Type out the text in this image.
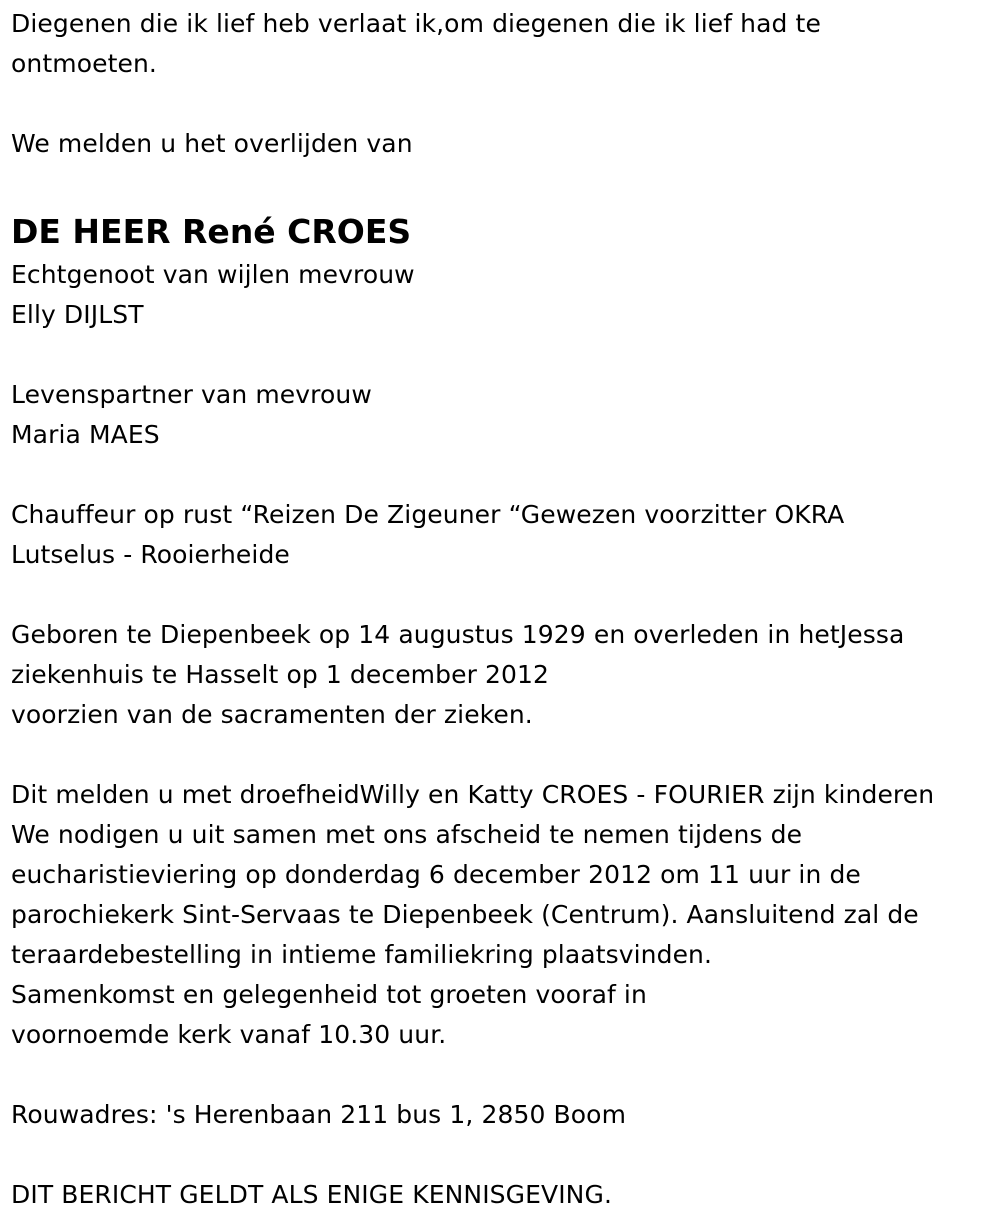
Diegenen die ik lief heb verlaat ik,om diegenen die ik lief had te
ontmoeten.
We melden u het overlijden van
DE HEER René CROES
Echtgenoot van wijlen mevrouw
Elly DIJLST
Levenspartner van mevrouw
Maria MAES
Chauffeur op rust “Reizen De Zigeuner “Gewezen voorzitter OKRA
Lutselus - Rooierheide
Geboren te Diepenbeek op 14 augustus 1929 en overleden in hetJessa
ziekenhuis te Hasselt op 1 december 2012
voorzien van de sacramenten der zieken.
Dit melden u met droefheidWilly en Katty CROES - FOURIER zijn kinderen
We nodigen u uit samen met ons afscheid te nemen tijdens de
eucharistieviering op donderdag 6 december 2012 om 11 uur in de
parochiekerk Sint-Servaas te Diepenbeek (Centrum). Aansluitend zal de
teraardebestelling in intieme familiekring plaatsvinden.
Samenkomst en gelegenheid tot groeten vooraf in
voornoemde kerk vanaf 10.30 uur.
Rouwadres: 's Herenbaan 211 bus 1, 2850 Boom
DIT BERICHT GELDT ALS ENIGE KENNISGEVING.
